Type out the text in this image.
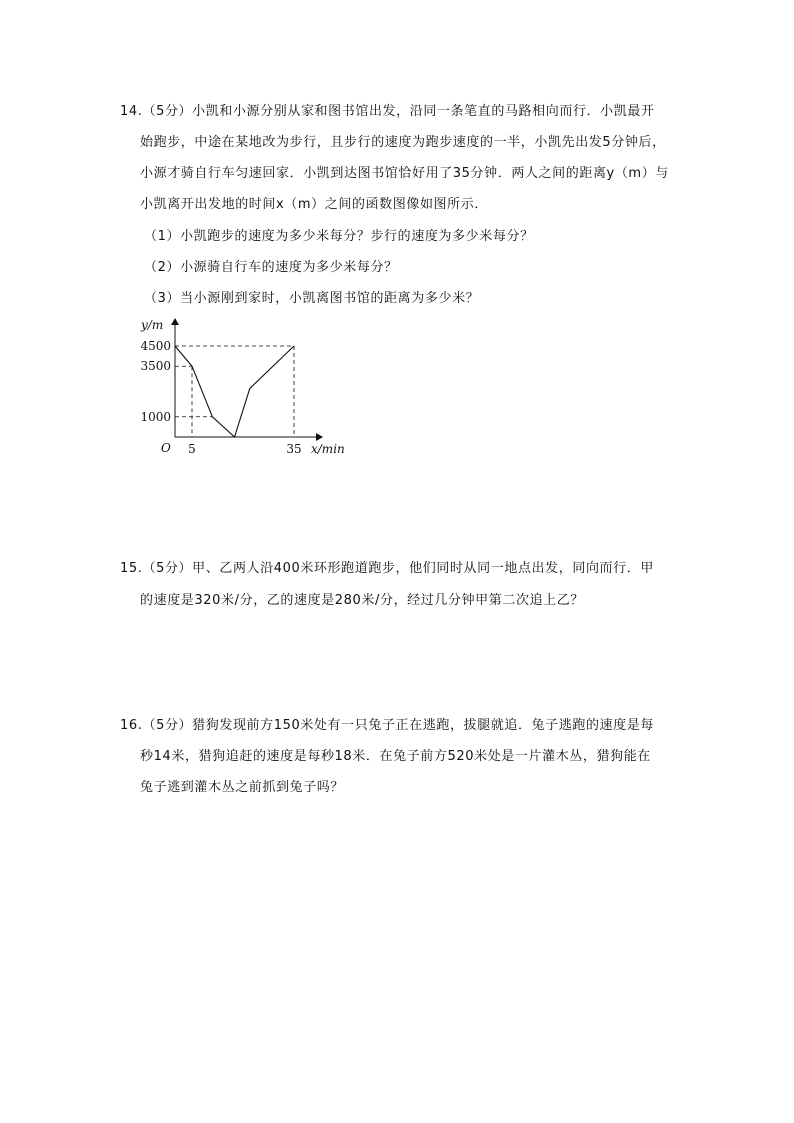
14.（5分）小凯和小源分别从家和图书馆出发，沿同一条笔直的马路相向而行．小凯最开
始跑步，中途在某地改为步行，且步行的速度为跑步速度的一半，小凯先出发5分钟后，
小源才骑自行车匀速回家．小凯到达图书馆恰好用了35分钟．两人之间的距离y（m）与
小凯离开出发地的时间x（m）之间的函数图像如图所示．
（1）小凯跑步的速度为多少米每分？步行的速度为多少米每分？
（2）小源骑自行车的速度为多少米每分？
（3）当小源刚到家时，小凯离图书馆的距离为多少米？
y/m
x/min
O
4500
3500
1000
5	35
15.（5分）甲、乙两人沿400米环形跑道跑步，他们同时从同一地点出发，同向而行．甲
的速度是320米/分，乙的速度是280米/分，经过几分钟甲第二次追上乙？
16.（5分）猎狗发现前方150米处有一只兔子正在逃跑，拔腿就追．兔子逃跑的速度是每
秒14米，猎狗追赶的速度是每秒18米．在兔子前方520米处是一片灌木丛，猎狗能在
兔子逃到灌木丛之前抓到兔子吗？
